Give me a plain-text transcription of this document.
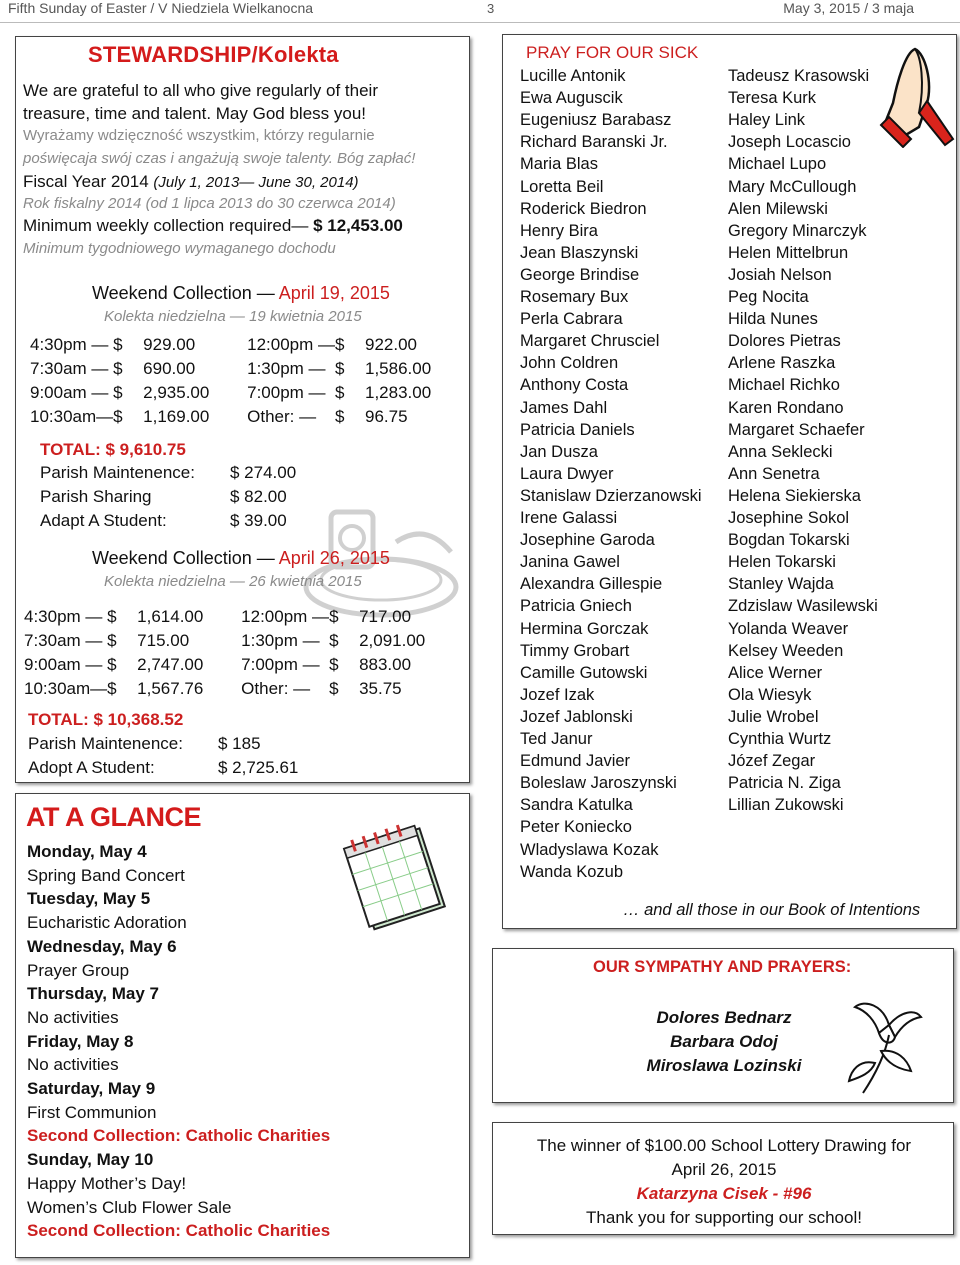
Fifth Sunday of Easter / V Niedziela Wielkanocna	3	May 3, 2015 / 3 maja
STEWARDSHIP/Kolekta
We are grateful to all who give regularly of their
treasure, time and talent. May God bless you!
Wyrażamy wdzięczność wszystkim, którzy regularnie
poświęcaja swój czas i angażują swoje talenty. Bóg zapłać!
Fiscal Year 2014 (July 1, 2013— June 30, 2014)
Rok fiskalny 2014 (od 1 lipca 2013 do 30 czerwca 2014)
Minimum weekly collection required— $ 12,453.00
Minimum tygodniowego wymaganego dochodu
Weekend Collection — April 19, 2015
Kolekta niedzielna — 19 kwietnia 2015
4:30pm —	$	929.00	12:00pm —	$	922.00
7:30am —	$	690.00	1:30pm —	$	1,586.00
9:00am —	$	2,935.00	7:00pm —	$	1,283.00
10:30am—	$	1,169.00	Other: —	$	96.75
TOTAL: $ 9,610.75
Parish Maintenence: $ 274.00
Parish Sharing	$ 82.00
Adapt A Student:	$ 39.00
Weekend Collection — April 26, 2015
Kolekta niedzielna — 26 kwietnia 2015
4:30pm —	$	1,614.00	12:00pm —	$	717.00
7:30am —	$	715.00	1:30pm —	$	2,091.00
9:00am —	$	2,747.00	7:00pm —	$	883.00
10:30am—	$	1,567.76	Other: —	$	35.75
TOTAL: $ 10,368.52
Parish Maintenence: $ 185
Adopt A Student:	$ 2,725.61
AT A GLANCE
Monday, May 4
Spring Band Concert
Tuesday, May 5
Eucharistic Adoration
Wednesday, May 6
Prayer Group
Thursday, May 7
No activities
Friday, May 8
No activities
Saturday, May 9
First Communion
Second Collection: Catholic Charities
Sunday, May 10
Happy Mother’s Day!
Women’s Club Flower Sale
Second Collection: Catholic Charities
PRAY FOR OUR SICK
Lucille Antonik
Ewa Auguscik
Eugeniusz Barabasz
Richard Baranski Jr.
Maria Blas
Loretta Beil
Roderick Biedron
Henry Bira
Jean Blaszynski
George Brindise
Rosemary Bux
Perla Cabrara
Margaret Chrusciel
John Coldren
Anthony Costa
James Dahl
Patricia Daniels
Jan Dusza
Laura Dwyer
Stanislaw Dzierzanowski
Irene Galassi
Josephine Garoda
Janina Gawel
Alexandra Gillespie
Patricia Gniech
Hermina Gorczak
Timmy Grobart
Camille Gutowski
Jozef Izak
Jozef Jablonski
Ted Janur
Edmund Javier
Boleslaw Jaroszynski
Sandra Katulka
Peter Koniecko
Wladyslawa Kozak
Wanda Kozub
Tadeusz Krasowski
Teresa Kurk
Haley Link
Joseph Locascio
Michael Lupo
Mary McCullough
Alen Milewski
Gregory Minarczyk
Helen Mittelbrun
Josiah Nelson
Peg Nocita
Hilda Nunes
Dolores Pietras
Arlene Raszka
Michael Richko
Karen Rondano
Margaret Schaefer
Anna Seklecki
Ann Senetra
Helena Siekierska
Josephine Sokol
Bogdan Tokarski
Helen Tokarski
Stanley Wajda
Zdzislaw Wasilewski
Yolanda Weaver
Kelsey Weeden
Alice Werner
Ola Wiesyk
Julie Wrobel
Cynthia Wurtz
Józef Zegar
Patricia N. Ziga
Lillian Zukowski
… and all those in our Book of Intentions
OUR SYMPATHY AND PRAYERS:
Dolores Bednarz
Barbara Odoj
Miroslawa Lozinski
The winner of $100.00 School Lottery Drawing for
April 26, 2015
Katarzyna Cisek - #96
Thank you for supporting our school!
